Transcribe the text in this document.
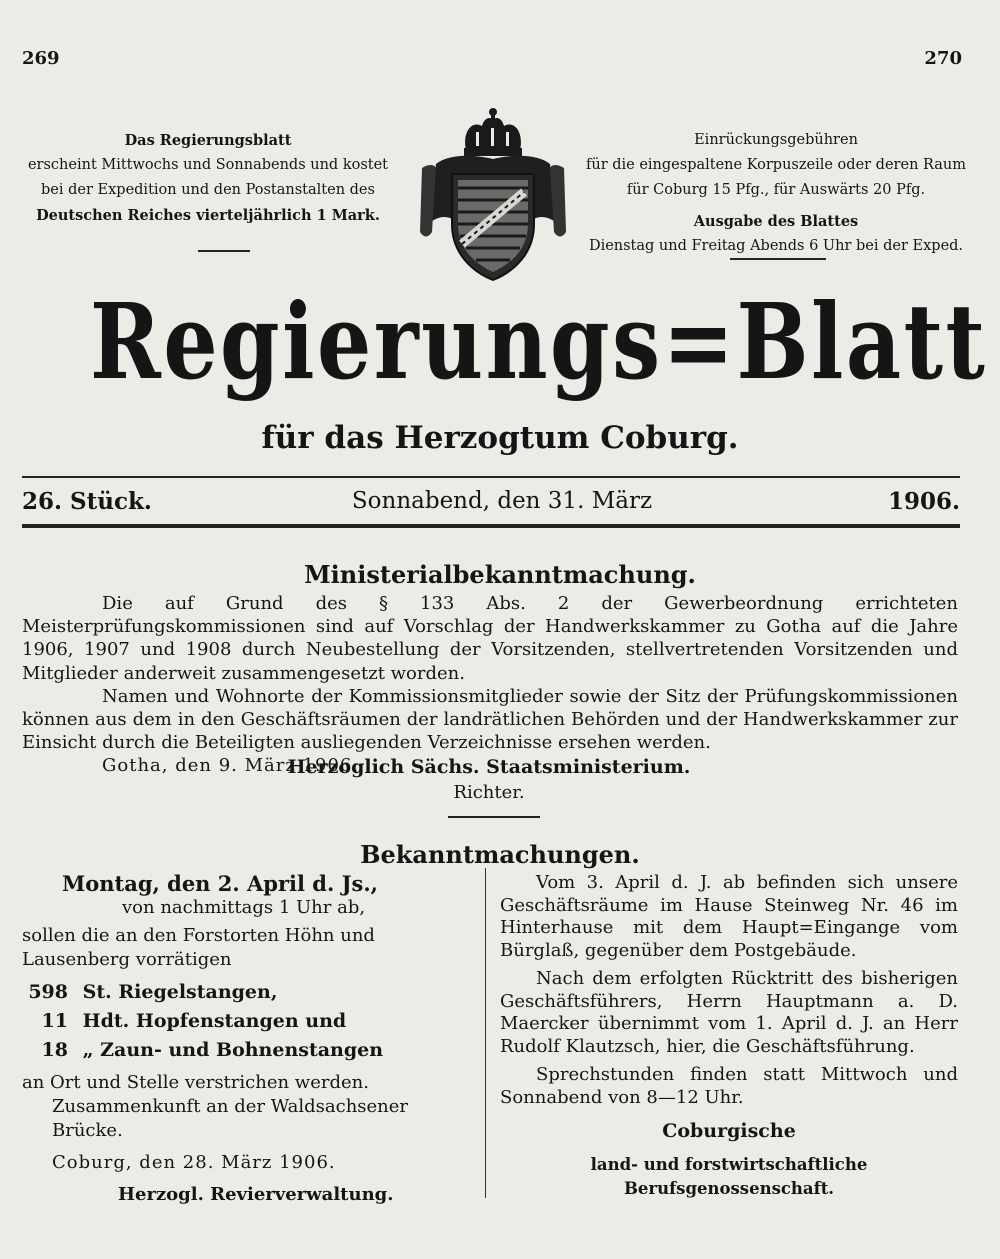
269	270
Das Regierungsblatt
erscheint Mittwochs und Sonnabends und kostet
bei der Expedition und den Postanstalten des
Deutschen Reiches vierteljährlich 1 Mark.
Einrückungsgebühren
für die eingespaltene Korpuszeile oder deren Raum
für Coburg 15 Pfg., für Auswärts 20 Pfg.
Ausgabe des Blattes
Dienstag und Freitag Abends 6 Uhr bei der Exped.
Regierungs=Blatt
für das Herzogtum Coburg.
26. Stück.	Sonnabend, den 31. März	1906.
Ministerialbekanntmachung.

Die auf Grund des § 133 Abs. 2 der Gewerbeordnung errichteten Meisterprüfungskommissionen sind auf Vorschlag der Handwerkskammer zu Gotha auf die Jahre 1906, 1907 und 1908 durch Neubestellung der Vorsitzenden, stellvertretenden Vorsitzenden und Mitglieder anderweit zusammengesetzt worden.

Namen und Wohnorte der Kommissionsmitglieder sowie der Sitz der Prüfungskommissionen können aus dem in den Geschäftsräumen der landrätlichen Behörden und der Handwerkskammer zur Einsicht durch die Beteiligten ausliegenden Verzeichnisse ersehen werden.

Gotha, den 9. März 1906.

Herzoglich Sächs. Staatsministerium.
Richter.
Bekanntmachungen.
Montag, den 2. April d. Js.,
von nachmittags 1 Uhr ab,
sollen die an den Forstorten Höhn und Lausenberg vorrätigen
598 St. Riegelstangen,
11 Hdt. Hopfenstangen und
18 „ Zaun- und Bohnenstangen
an Ort und Stelle verstrichen werden.
Zusammenkunft an der Waldsachsener Brücke.
Coburg, den 28. März 1906.
Herzogl. Revierverwaltung.

Vom 3. April d. J. ab befinden sich unsere Geschäftsräume im Hause Steinweg Nr. 46 im Hinterhause mit dem Haupt=Eingange vom Bürglaß, gegenüber dem Postgebäude.

Nach dem erfolgten Rücktritt des bisherigen Geschäftsführers, Herrn Hauptmann a. D. Maercker übernimmt vom 1. April d. J. an Herr Rudolf Klautzsch, hier, die Geschäftsführung.

Sprechstunden finden statt Mittwoch und Sonnabend von 8—12 Uhr.

Coburgische
land- und forstwirtschaftliche Berufsgenossenschaft.
